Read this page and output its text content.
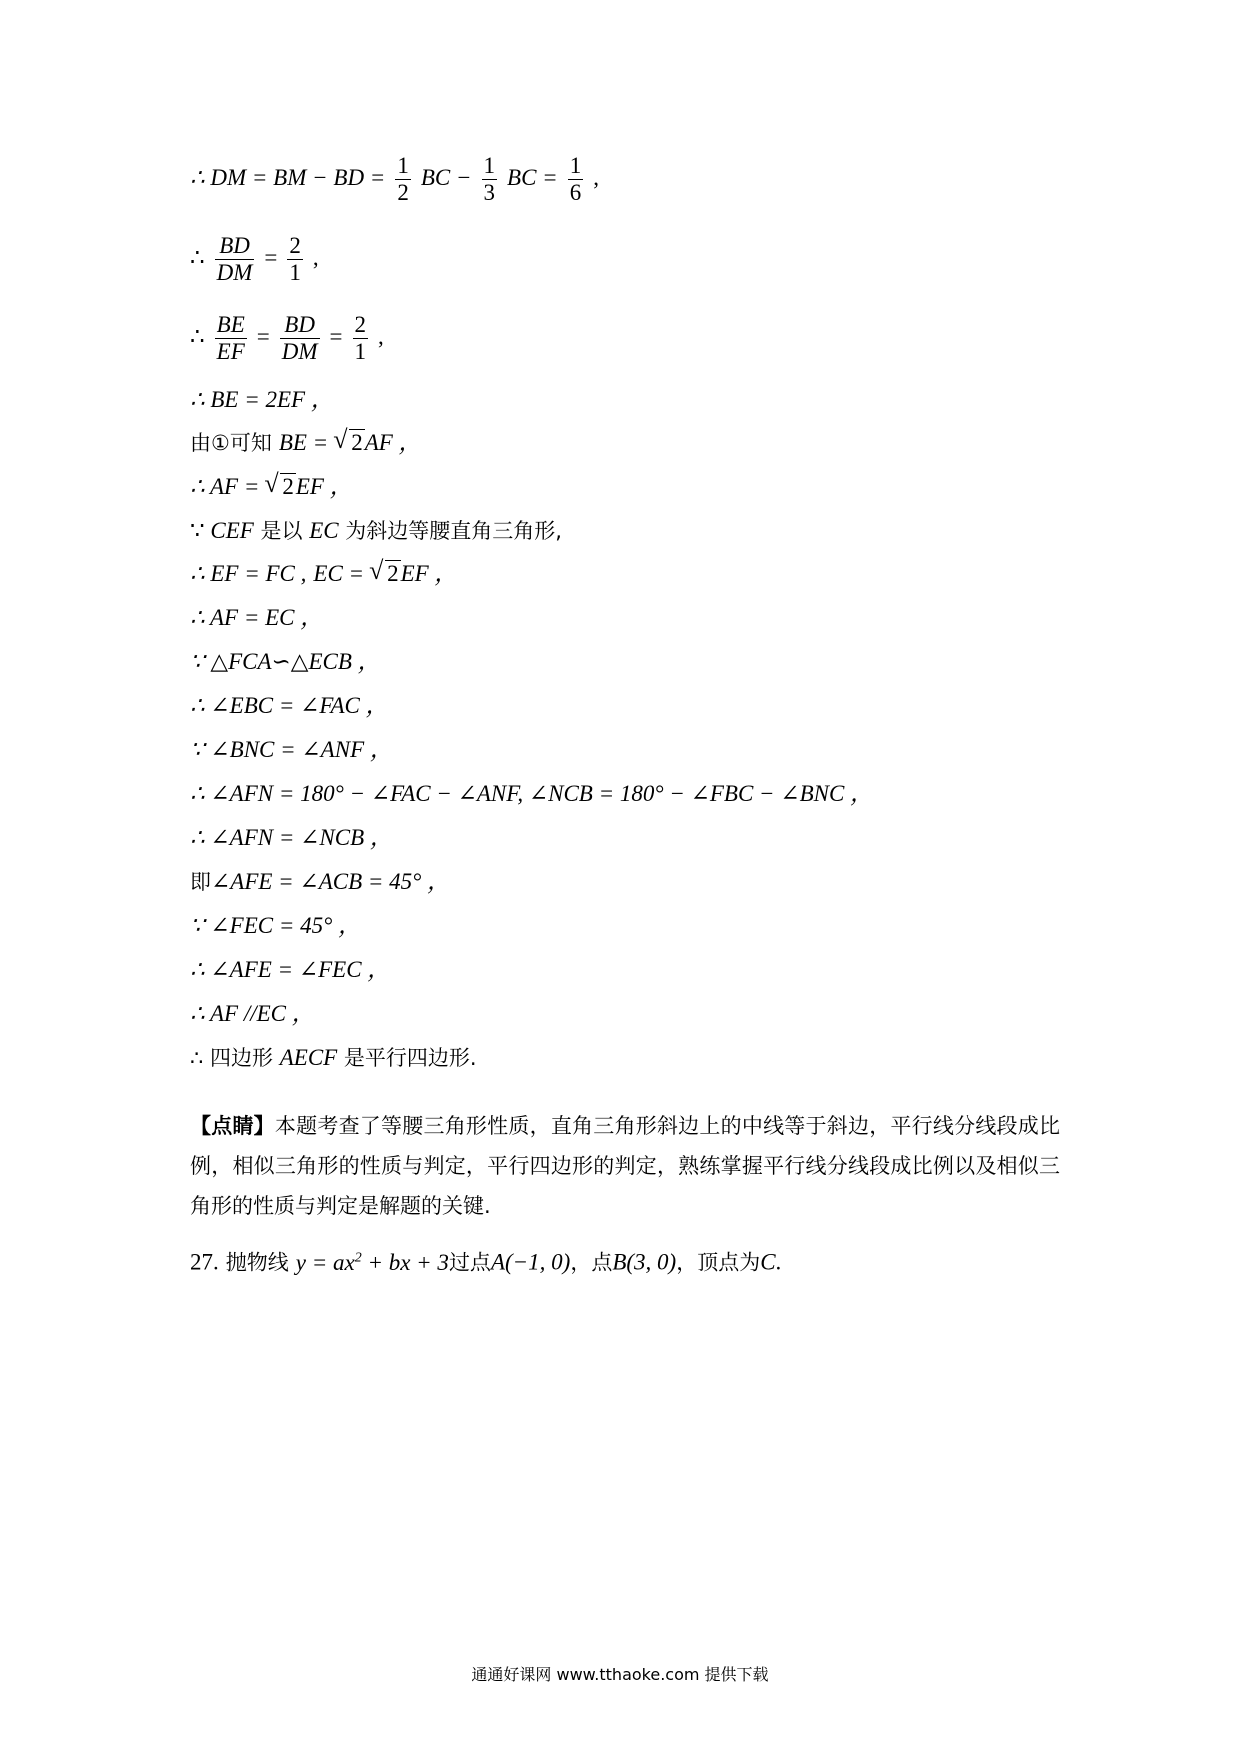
∴ DM = BM − BD = $\frac{1}{2}$ BC − $\frac{1}{3}$ BC = $\frac{1}{6}$ ,
∴ $\frac{BD}{DM} = \frac{2}{1}$ ,
∴ $\frac{BE}{EF} = \frac{BD}{DM} = \frac{2}{1}$ ,
∴ BE = 2EF ，
由①可知 BE = √ 2AF ，
∴ AF = √ 2EF ，
∵ CEF 是以 EC 为斜边等腰直角三角形,
∴ EF = FC , EC = √ 2EF ，
∴ AF = EC ，
∵ △FCA∽△ECB ，
∴ ∠EBC = ∠FAC ，
∵ ∠BNC = ∠ANF ，
∴ ∠AFN = 180° − ∠FAC − ∠ANF, ∠NCB = 180° − ∠FBC − ∠BNC ，
∴ ∠AFN = ∠NCB ，
即∠AFE = ∠ACB = 45° ，
∵ ∠FEC = 45° ，
∴ ∠AFE = ∠FEC ，
∴ AF //EC ，
∴ 四边形 AECF 是平行四边形.
【点睛】本题考查了等腰三角形性质，直角三角形斜边上的中线等于斜边，平行线分线段成比例，相似三角形的性质与判定，平行四边形的判定，熟练掌握平行线分线段成比例以及相似三角形的性质与判定是解题的关键.
27. 抛物线 $y = ax^2$ + bx + 3过点A(−1, 0)，点B(3, 0)，顶点为C.
通通好课网 www.tthaoke.com 提供下载
